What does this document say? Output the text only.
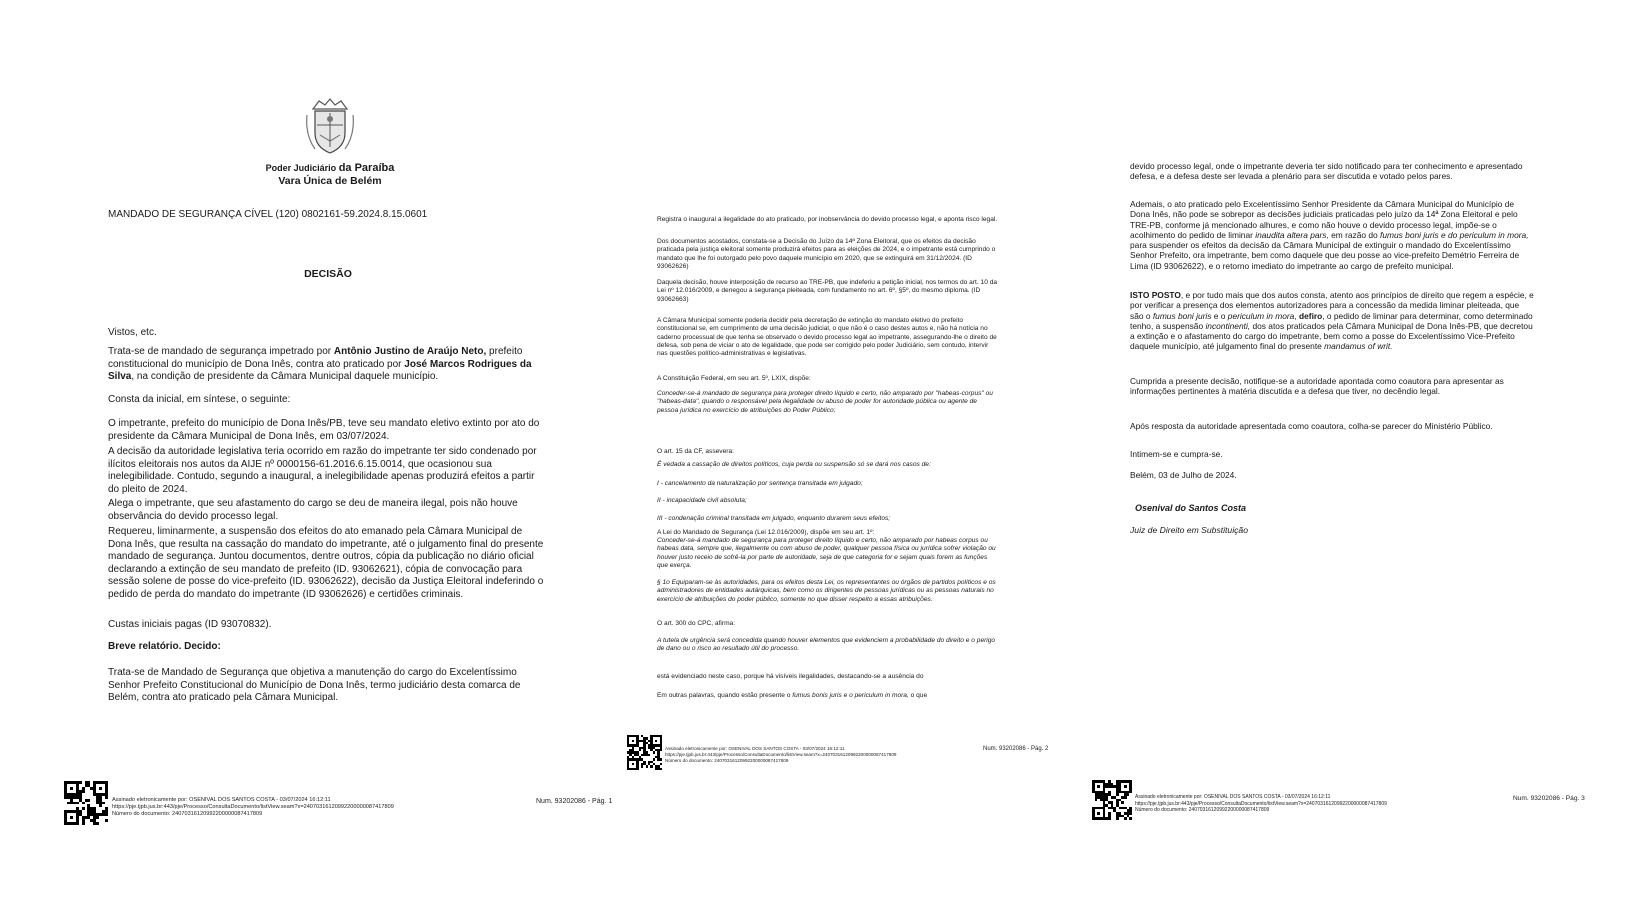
Poder Judiciário da Paraíba
Vara Única de Belém
MANDADO DE SEGURANÇA CÍVEL (120) 0802161-59.2024.8.15.0601
DECISÃO
Vistos, etc.
Trata-se de mandado de segurança impetrado por Antônio Justino de Araújo Neto, prefeito constitucional do município de Dona Inês, contra ato praticado por José Marcos Rodrigues da Silva, na condição de presidente da Câmara Municipal daquele município.
Consta da inicial, em síntese, o seguinte:
O impetrante, prefeito do município de Dona Inês/PB, teve seu mandato eletivo extinto por ato do presidente da Câmara Municipal de Dona Inês, em 03/07/2024.
A decisão da autoridade legislativa teria ocorrido em razão do impetrante ter sido condenado por ilícitos eleitorais nos autos da AIJE nº 0000156-61.2016.6.15.0014, que ocasionou sua inelegibilidade. Contudo, segundo a inaugural, a inelegibilidade apenas produzirá efeitos a partir do pleito de 2024.
Alega o impetrante, que seu afastamento do cargo se deu de maneira ilegal, pois não houve observância do devido processo legal.
Requereu, liminarmente, a suspensão dos efeitos do ato emanado pela Câmara Municipal de Dona Inês, que resulta na cassação do mandato do impetrante, até o julgamento final do presente mandado de segurança. Juntou documentos, dentre outros, cópia da publicação no diário oficial declarando a extinção de seu mandato de prefeito (ID. 93062621), cópia de convocação para sessão solene de posse do vice-prefeito (ID. 93062622), decisão da Justiça Eleitoral indeferindo o pedido de perda do mandato do impetrante (ID 93062626) e certidões criminais.
Custas iniciais pagas (ID 93070832).
Breve relatório. Decido:
Trata-se de Mandado de Segurança que objetiva a manutenção do cargo do Excelentíssimo Senhor Prefeito Constitucional do Município de Dona Inês, termo judiciário desta comarca de Belém, contra ato praticado pela Câmara Municipal.
Assinado eletronicamente por: OSENIVAL DOS SANTOS COSTA - 03/07/2024 16:12:11
https://pje.tjpb.jus.br:443/pje/Processo/ConsultaDocumento/listView.seam?x=24070316120992200000087417809
Número do documento: 24070316120992200000087417809
Num. 93202086 - Pág. 1
Registra o inaugural a ilegalidade do ato praticado, por inobservância do devido processo legal, e aponta risco legal.
Dos documentos acostados, constata-se a Decisão do Juízo da 14ª Zona Eleitoral, que os efeitos da decisão praticada pela justiça eleitoral somente produzirá efeitos para as eleições de 2024, e o impetrante está cumprindo o mandato que lhe foi outorgado pelo povo daquele município em 2020, que se extinguirá em 31/12/2024. (ID 93062626)
Daquela decisão, houve interposição de recurso ao TRE-PB, que indeferiu a petição inicial, nos termos do art. 10 da Lei nº 12.016/2009, e denegou a segurança pleiteada, com fundamento no art. 6º, §5º, do mesmo diploma. (ID 93062663)
A Câmara Municipal somente poderia decidir pela decretação de extinção do mandato eletivo do prefeito constitucional se, em cumprimento de uma decisão judicial, o que não é o caso destes autos e, não há notícia no caderno processual de que tenha se observado o devido processo legal ao impetrante, assegurando-lhe o direito de defesa, sob pena de viciar o ato de legalidade, que pode ser corrigido pelo poder Judiciário, sem contudo, intervir nas questões político-administrativas e legislativas.
A Constituição Federal, em seu art. 5º, LXIX, dispõe:
Conceder-se-á mandado de segurança para proteger direito líquido e certo, não amparado por "habeas-corpus" ou "habeas-data", quando o responsável pela ilegalidade ou abuso de poder for autoridade pública ou agente de pessoa jurídica no exercício de atribuições do Poder Público;
O art. 15 da CF, assevera:
É vedada a cassação de direitos políticos, cuja perda ou suspensão só se dará nos casos de:
I - cancelamento da naturalização por sentença transitada em julgado;
II - incapacidade civil absoluta;
III - condenação criminal transitada em julgado, enquanto durarem seus efeitos;
A Lei do Mandado de Segurança (Lei 12.016/2009), dispõe em seu art. 1º:
Conceder-se-á mandado de segurança para proteger direito líquido e certo, não amparado por habeas corpus ou habeas data, sempre que, ilegalmente ou com abuso de poder, qualquer pessoa física ou jurídica sofrer violação ou houver justo receio de sofrê-la por parte de autoridade, seja de que categoria for e sejam quais forem as funções que exerça.
§ 1o Equiparam-se às autoridades, para os efeitos desta Lei, os representantes ou órgãos de partidos políticos e os administradores de entidades autárquicas, bem como os dirigentes de pessoas jurídicas ou as pessoas naturais no exercício de atribuições do poder público, somente no que disser respeito a essas atribuições.
O art. 300 do CPC, afirma:
A tutela de urgência será concedida quando houver elementos que evidenciem a probabilidade do direito e o perigo de dano ou o risco ao resultado útil do processo.
está evidenciado neste caso, porque há visíveis ilegalidades, destacando-se a ausência do
Em outras palavras, quando estão presente o fumus bonis juris e o periculum in mora, o que
Assinado eletronicamente por: OSENIVAL DOS SANTOS COSTA - 03/07/2024 16:12:11
https://pje.tjpb.jus.br:443/pje/Processo/ConsultaDocumento/listView.seam?x=24070316120992200000087417809
Número do documento: 24070316120992200000087417809
Num. 93202086 - Pág. 2
devido processo legal, onde o impetrante deveria ter sido notificado para ter conhecimento e apresentado defesa, e a defesa deste ser levada a plenário para ser discutida e votado pelos pares.
Ademais, o ato praticado pelo Excelentíssimo Senhor Presidente da Câmara Municipal do Município de Dona Inês, não pode se sobrepor as decisões judiciais praticadas pelo juízo da 14ª Zona Eleitoral e pelo TRE-PB, conforme já mencionado alhures, e como não houve o devido processo legal, impõe-se o acolhimento do pedido de liminar inaudita altera pars, em razão do fumus boni juris e do periculum in mora, para suspender os efeitos da decisão da Câmara Municipal de extinguir o mandado do Excelentíssimo Senhor Prefeito, ora impetrante, bem como daquele que deu posse ao vice-prefeito Demétrio Ferreira de Lima (ID 93062622), e o retorno imediato do impetrante ao cargo de prefeito municipal.
ISTO POSTO, e por tudo mais que dos autos consta, atento aos princípios de direito que regem a espécie, e por verificar a presença dos elementos autorizadores para a concessão da medida liminar pleiteada, que são o fumus boni juris e o periculum in mora, defiro, o pedido de liminar para determinar, como determinado tenho, a suspensão incontinenti, dos atos praticados pela Câmara Municipal de Dona Inês-PB, que decretou a extinção e o afastamento do cargo do impetrante, bem como a posse do Excelentíssimo Vice-Prefeito daquele município, até julgamento final do presente mandamus of writ.
Cumprida a presente decisão, notifique-se a autoridade apontada como coautora para apresentar as informações pertinentes à matéria discutida e a defesa que tiver, no decêndio legal.
Após resposta da autoridade apresentada como coautora, colha-se parecer do Ministério Público.
Intimem-se e cumpra-se.
Belém, 03 de Julho de 2024.
Osenival do Santos Costa
Juiz de Direito em Substituição
Assinado eletronicamente por: OSENIVAL DOS SANTOS COSTA - 03/07/2024 16:12:11
https://pje.tjpb.jus.br:443/pje/Processo/ConsultaDocumento/listView.seam?x=24070316120992200000087417809
Número do documento: 24070316120992200000087417809
Num. 93202086 - Pág. 3
